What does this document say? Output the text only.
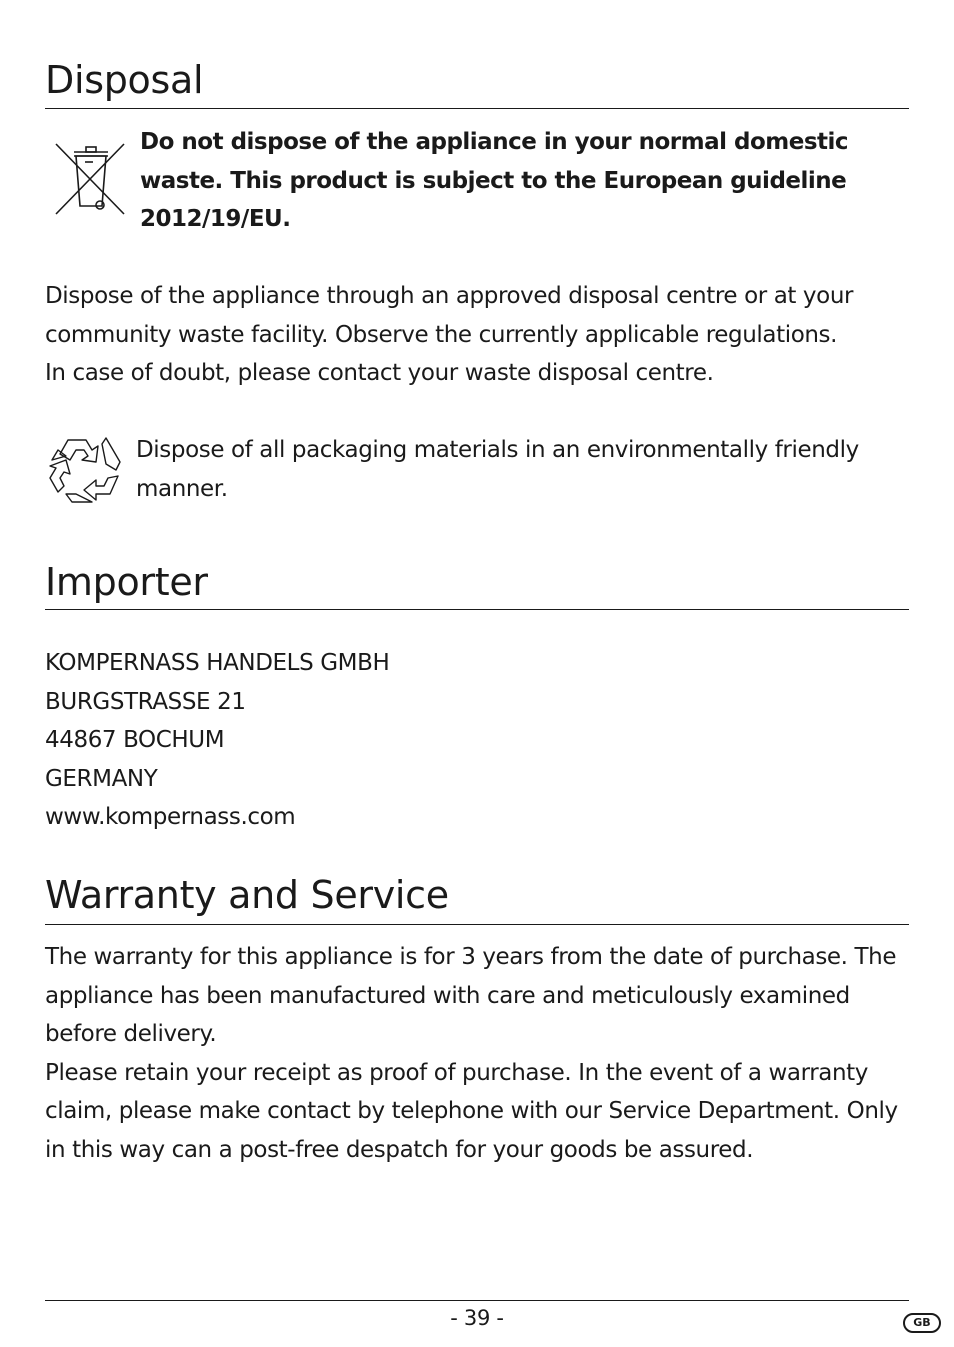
Disposal

Do not dispose of the appliance in your normal domestic
waste. This product is subject to the European guideline
2012/19/EU.

Dispose of the appliance through an approved disposal centre or at your
community waste facility. Observe the currently applicable regulations.
In case of doubt, please contact your waste disposal centre.

Dispose of all packaging materials in an environmentally friendly
manner.

Importer

KOMPERNASS HANDELS GMBH
BURGSTRASSE 21
44867 BOCHUM
GERMANY
www.kompernass.com

Warranty and Service

The warranty for this appliance is for 3 years from the date of purchase. The
appliance has been manufactured with care and meticulously examined
before delivery.
Please retain your receipt as proof of purchase. In the event of a warranty
claim, please make contact by telephone with our Service Department. Only
in this way can a post-free despatch for your goods be assured.

- 39 -	GB
